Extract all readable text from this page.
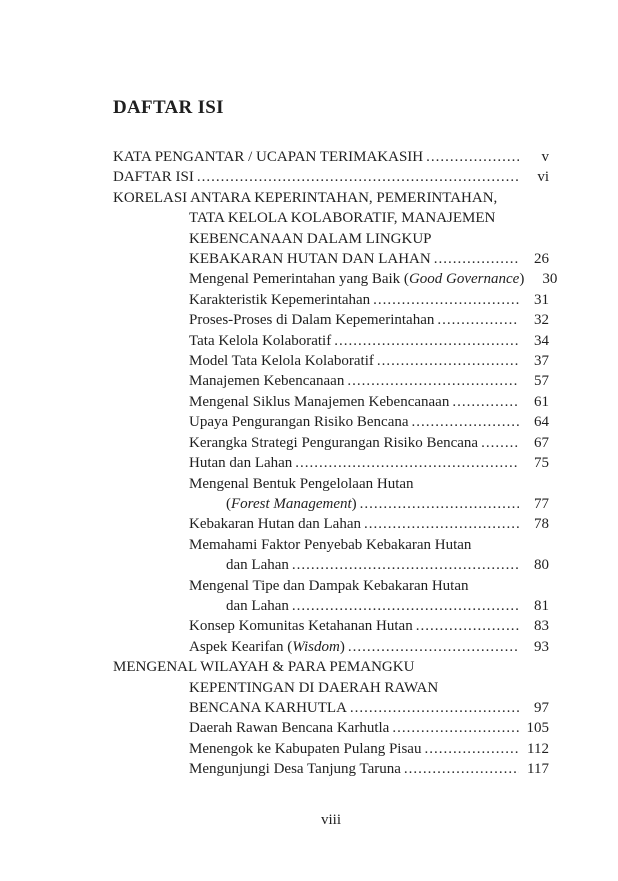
DAFTAR ISI
KATA PENGANTAR / UCAPAN TERIMAKASIH .....	v
DAFTAR ISI .....	vi
KORELASI ANTARA KEPERINTAHAN, PEMERINTAHAN,
TATA KELOLA KOLABORATIF, MANAJEMEN
KEBENCANAAN DALAM LINGKUP
KEBAKARAN HUTAN DAN LAHAN .....	26
Mengenal Pemerintahan yang Baik (Good Governance)	30
Karakteristik Kepemerintahan .....	31
Proses-Proses di Dalam Kepemerintahan .....	32
Tata Kelola Kolaboratif .....	34
Model Tata Kelola Kolaboratif .....	37
Manajemen Kebencanaan .....	57
Mengenal Siklus Manajemen Kebencanaan .....	61
Upaya Pengurangan Risiko Bencana .....	64
Kerangka Strategi Pengurangan Risiko Bencana .....	67
Hutan dan Lahan .....	75
Mengenal Bentuk Pengelolaan Hutan
(Forest Management) .....	77
Kebakaran Hutan dan Lahan .....	78
Memahami Faktor Penyebab Kebakaran Hutan
dan Lahan .....	80
Mengenal Tipe dan Dampak Kebakaran Hutan
dan Lahan .....	81
Konsep Komunitas Ketahanan Hutan .....	83
Aspek Kearifan (Wisdom) .....	93
MENGENAL WILAYAH & PARA PEMANGKU
KEPENTINGAN DI DAERAH RAWAN
BENCANA KARHUTLA .....	97
Daerah Rawan Bencana Karhutla .....	105
Menengok ke Kabupaten Pulang Pisau .....	112
Mengunjungi Desa Tanjung Taruna .....	117
viii
